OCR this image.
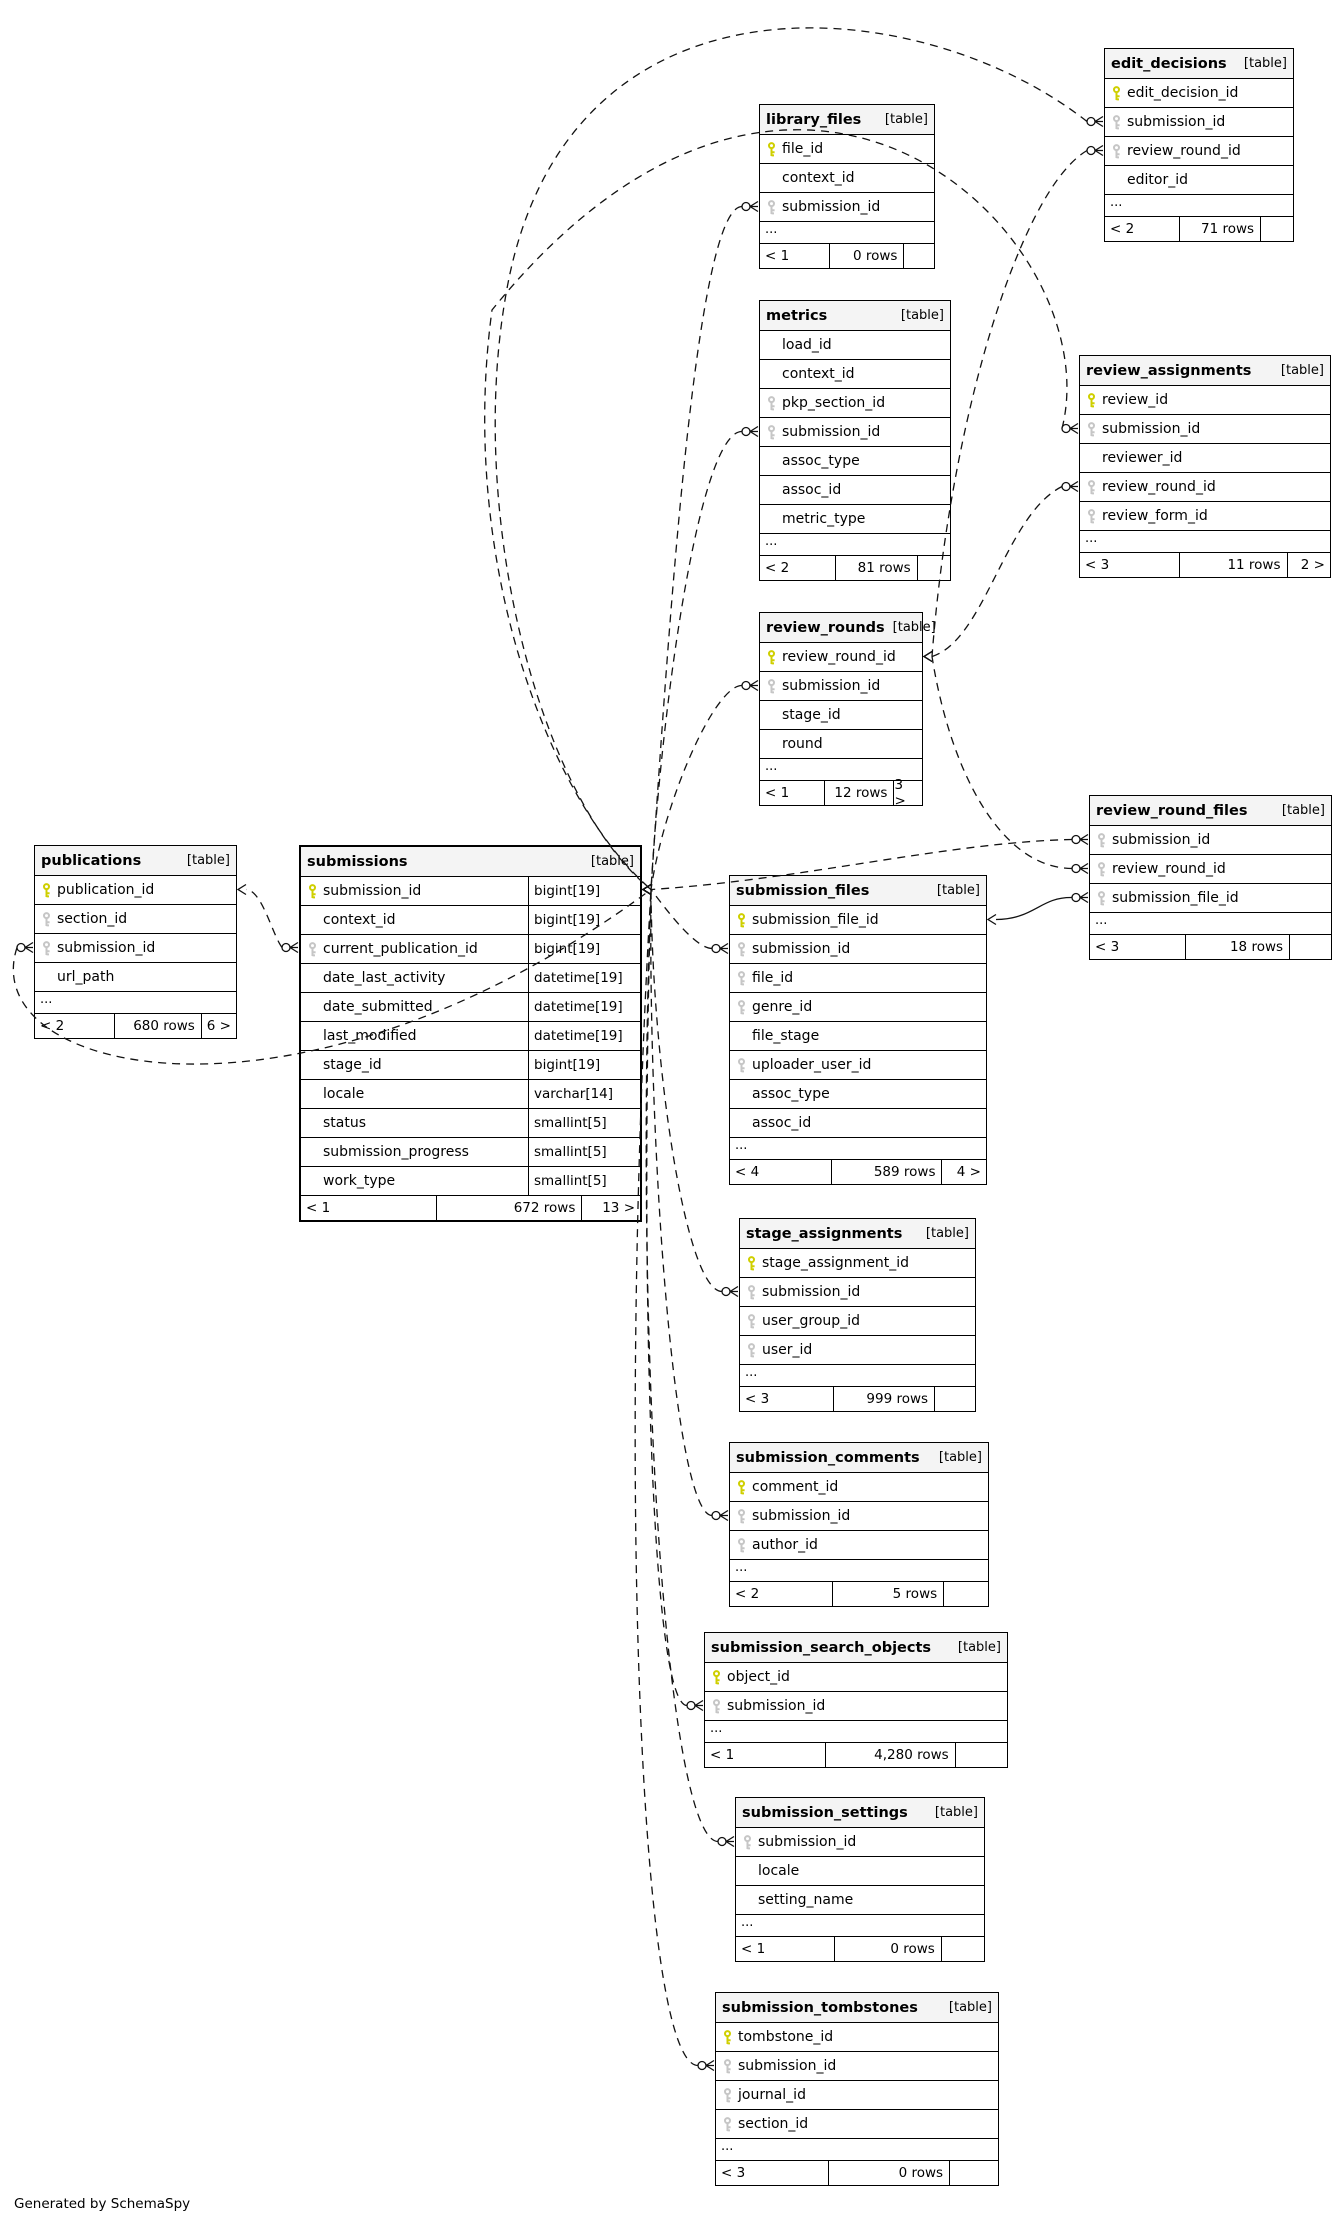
Generated by SchemaSpy
edit_decisions [table]
edit_decision_id
submission_id
review_round_id
editor_id
...
< 2	71 rows
library_files [table]
file_id
context_id
submission_id
...
< 1	0 rows
metrics	[table]
load_id
context_id
pkp_section_id
submission_id
assoc_type
assoc_id
metric_type
...
< 2	81 rows
review_assignments [table]
review_id
submission_id
reviewer_id
review_round_id
review_form_id
...
< 3	11 rows	2 >
review_rounds [table]
review_round_id
submission_id
stage_id
round
...
< 1	12 rows 3 >
review_round_files	[table]
submission_id
review_round_id
submission_file_id
...
< 3	18 rows
publications	[table]
publication_id
section_id
submission_id
url_path
...
< 2	680 rows 6 >
submissions	[table]
submission_id	bigint[19]
context_id	bigint[19]
current_publication_id	bigint[19]
date_last_activity	datetime[19]
date_submitted	datetime[19]
last_modified	datetime[19]
stage_id	bigint[19]
locale	varchar[14]
status	smallint[5]
submission_progress	smallint[5]
work_type	smallint[5]
< 1	672 rows	13 >
submission_files	[table]
submission_file_id
submission_id
file_id
genre_id
file_stage
uploader_user_id
assoc_type
assoc_id
...
< 4	589 rows	4 >
stage_assignments [table]
stage_assignment_id
submission_id
user_group_id
user_id
...
< 3	999 rows
submission_comments [table]
comment_id
submission_id
author_id
...
< 2	5 rows
submission_search_objects [table]
object_id
submission_id
...
< 1	4,280 rows
submission_settings [table]
submission_id
locale
setting_name
...
< 1	0 rows
submission_tombstones [table]
tombstone_id
submission_id
journal_id
section_id
...
< 3	0 rows
